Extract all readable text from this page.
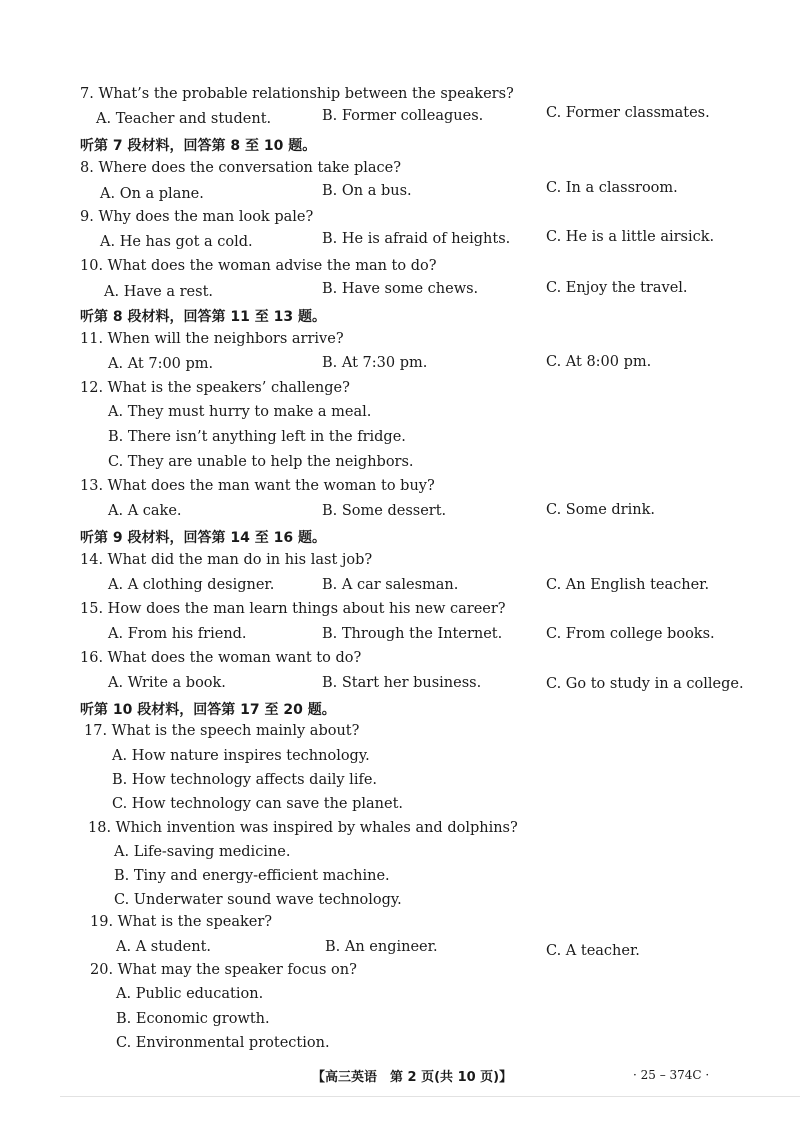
7. What’s the probable relationship between the speakers?
A. Teacher and student.	B. Former colleagues.	C. Former classmates.
听第 7 段材料，回答第 8 至 10 题。
8. Where does the conversation take place?
A. On a plane.	B. On a bus.	C. In a classroom.
9. Why does the man look pale?
A. He has got a cold.	B. He is afraid of heights. C. He is a little airsick.
10. What does the woman advise the man to do?
A. Have a rest.	B. Have some chews.	C. Enjoy the travel.
听第 8 段材料，回答第 11 至 13 题。
11. When will the neighbors arrive?
A. At 7:00 pm.	B. At 7:30 pm.	C. At 8:00 pm.
12. What is the speakers’ challenge?
A. They must hurry to make a meal.
B. There isn’t anything left in the fridge.
C. They are unable to help the neighbors.
13. What does the man want the woman to buy?
A. A cake.	B. Some dessert.	C. Some drink.
听第 9 段材料，回答第 14 至 16 题。
14. What did the man do in his last job?
A. A clothing designer.	B. A car salesman.	C. An English teacher.
15. How does the man learn things about his new career?
A. From his friend.	B. Through the Internet.	C. From college books.
16. What does the woman want to do?
A. Write a book.	B. Start her business.	C. Go to study in a college.
听第 10 段材料，回答第 17 至 20 题。
17. What is the speech mainly about?
A. How nature inspires technology.
B. How technology affects daily life.
C. How technology can save the planet.
18. Which invention was inspired by whales and dolphins?
A. Life-saving medicine.
B. Tiny and energy-efficient machine.
C. Underwater sound wave technology.
19. What is the speaker?
A. A student.	B. An engineer.	C. A teacher.
20. What may the speaker focus on?
A. Public education.
B. Economic growth.
C. Environmental protection.
【高三英语　第 2 页(共 10 页)】	· 25 – 374C ·
